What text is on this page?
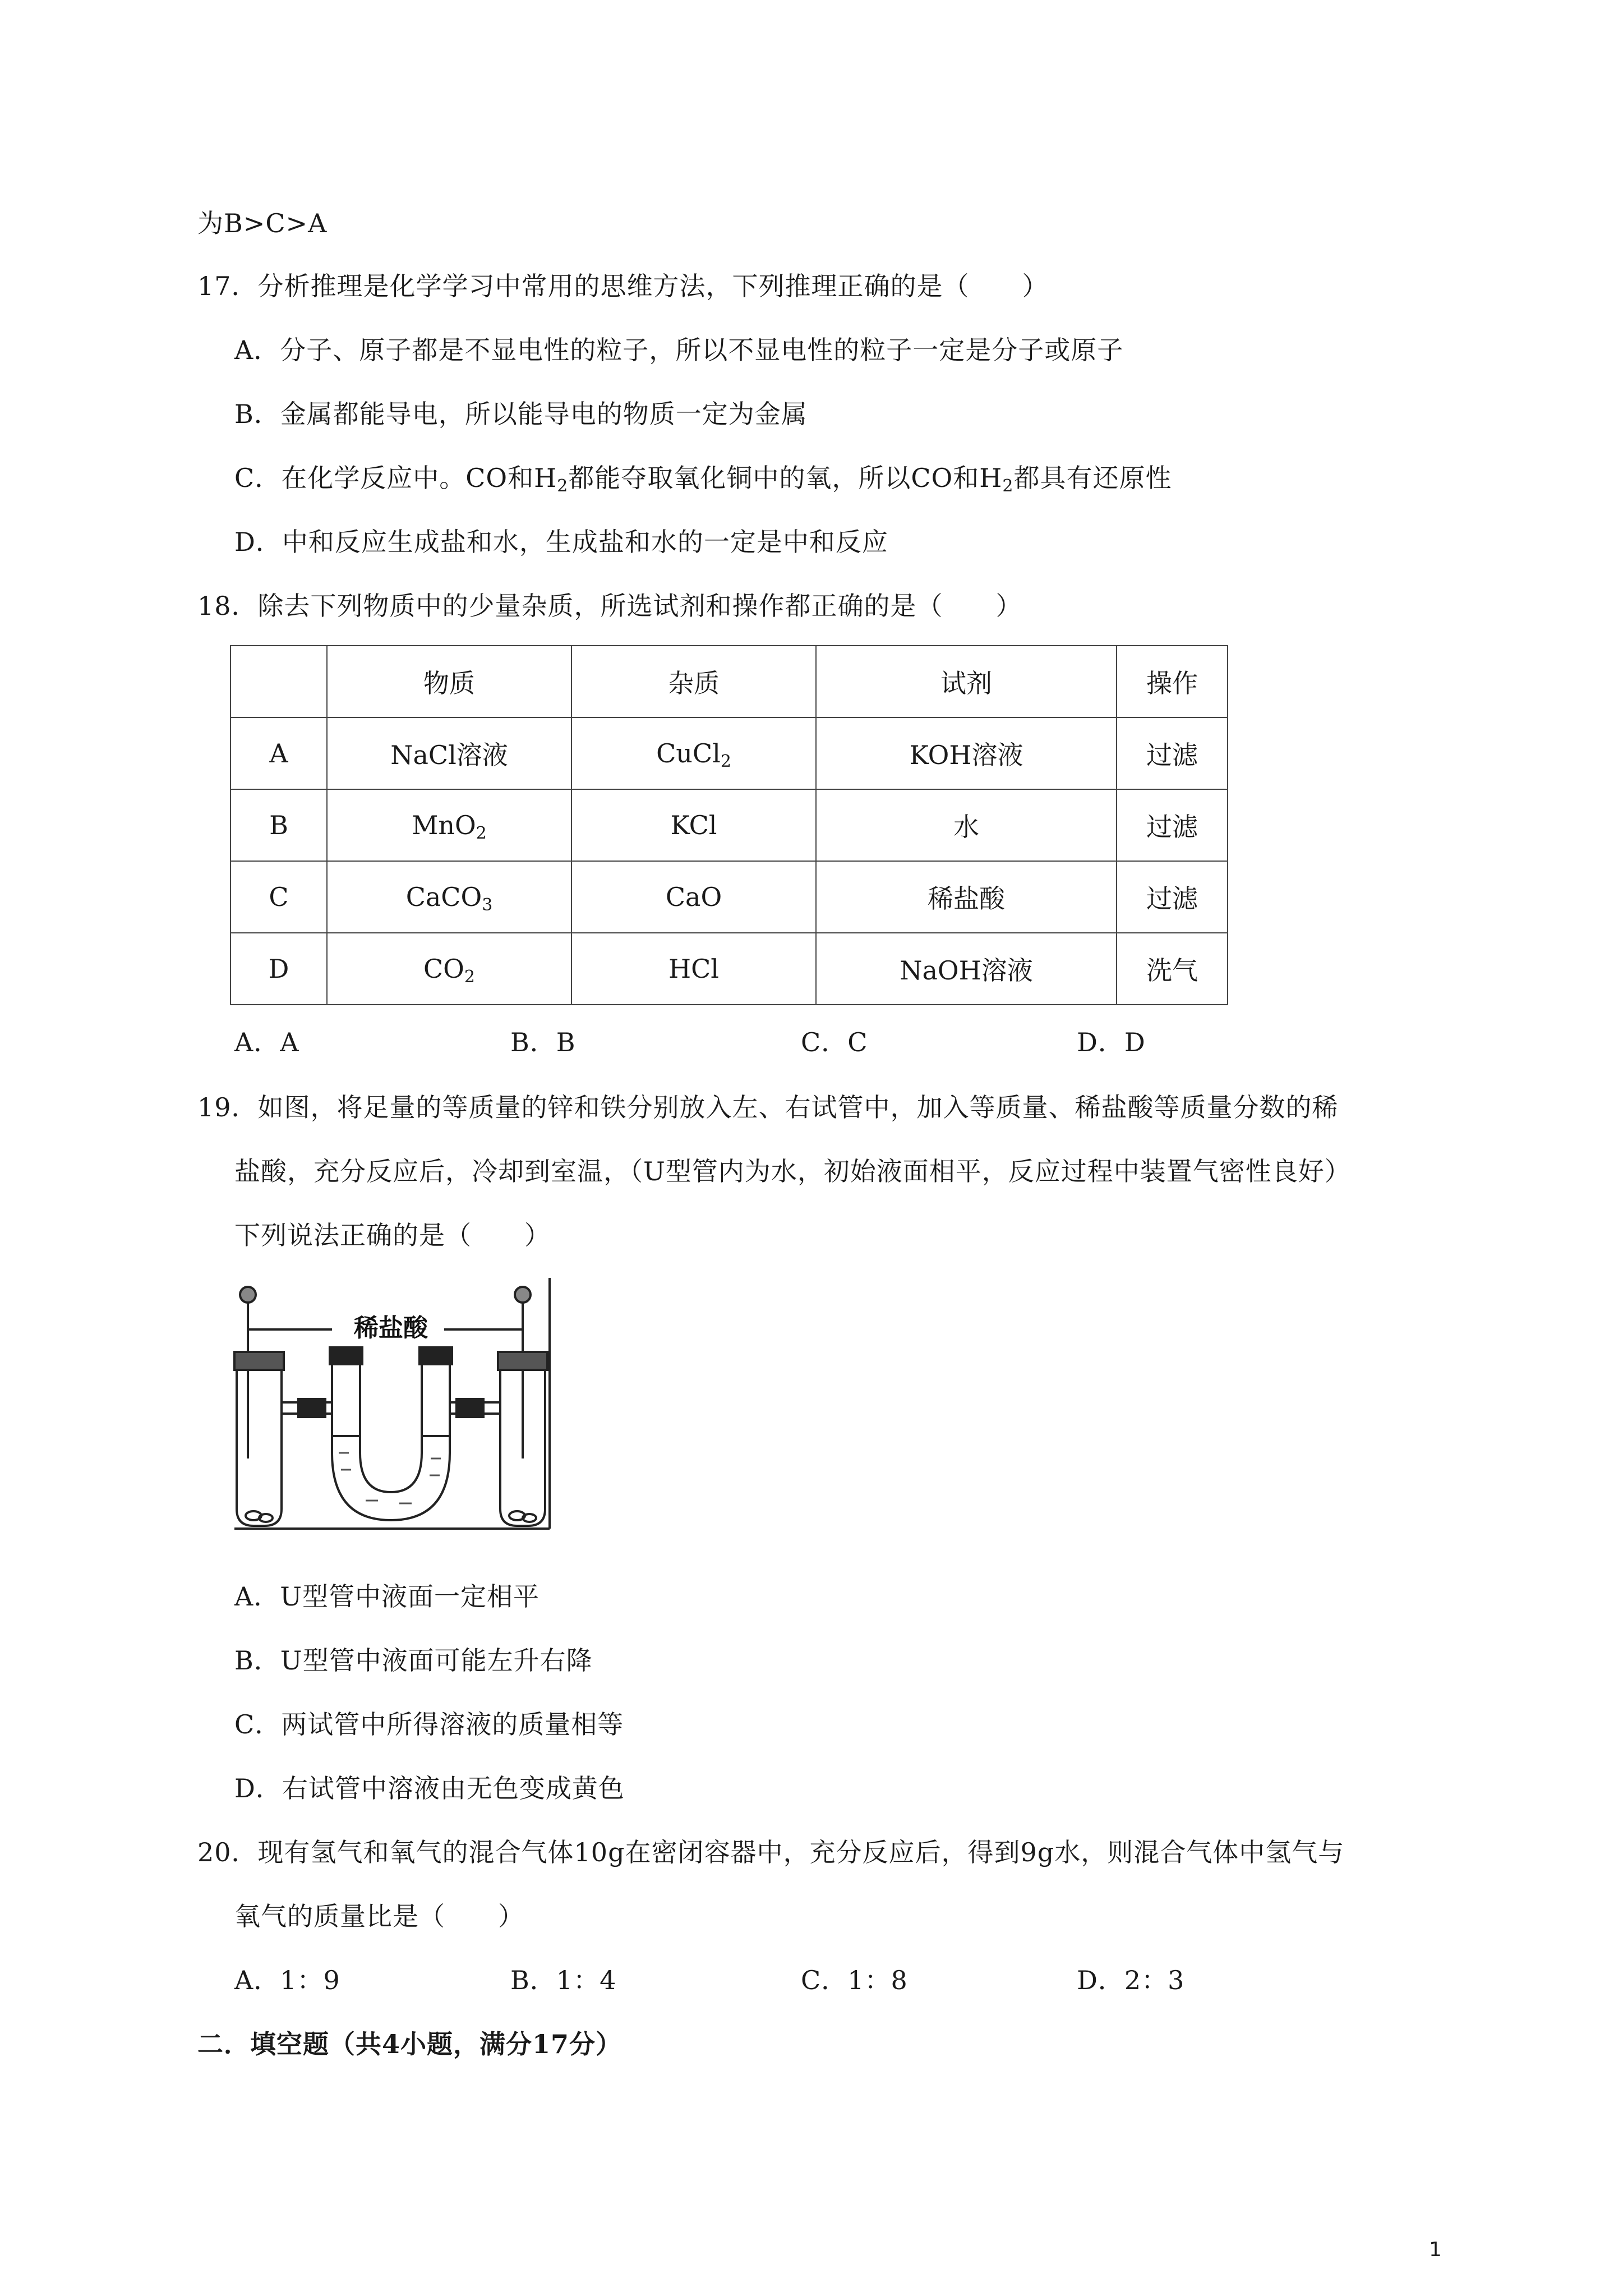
为B>C>A
17．分析推理是化学学习中常用的思维方法，下列推理正确的是（　　）
A．分子、原子都是不显电性的粒子，所以不显电性的粒子一定是分子或原子
B．金属都能导电，所以能导电的物质一定为金属
C．在化学反应中。CO和$H_2$都能夺取氧化铜中的氧，所以CO和$H_2$都具有还原性
D．中和反应生成盐和水，生成盐和水的一定是中和反应
18．除去下列物质中的少量杂质，所选试剂和操作都正确的是（　　）
	物质	杂质	试剂	操作
A	NaCl溶液	CuCl$_2$	KOH溶液	过滤
B	MnO$_2$	KCl	水	过滤
C	CaCO$_3$	CaO	稀盐酸	过滤
D	$CO_2$	HCl	NaOH溶液	洗气
A．A	B．B	C．C	D．D
19．如图，将足量的等质量的锌和铁分别放入左、右试管中，加入等质量、稀盐酸等质量分数的稀
盐酸，充分反应后，冷却到室温，（U型管内为水，初始液面相平，反应过程中装置气密性良好）
下列说法正确的是（　　）
稀盐酸
A．U型管中液面一定相平
B．U型管中液面可能左升右降
C．两试管中所得溶液的质量相等
D．右试管中溶液由无色变成黄色
20．现有氢气和氧气的混合气体10g在密闭容器中，充分反应后，得到9g水，则混合气体中氢气与
氧气的质量比是（　　）
A．1：9	B．1：4	C．1：8	D．2：3
二．填空题（共4小题，满分17分）
1
